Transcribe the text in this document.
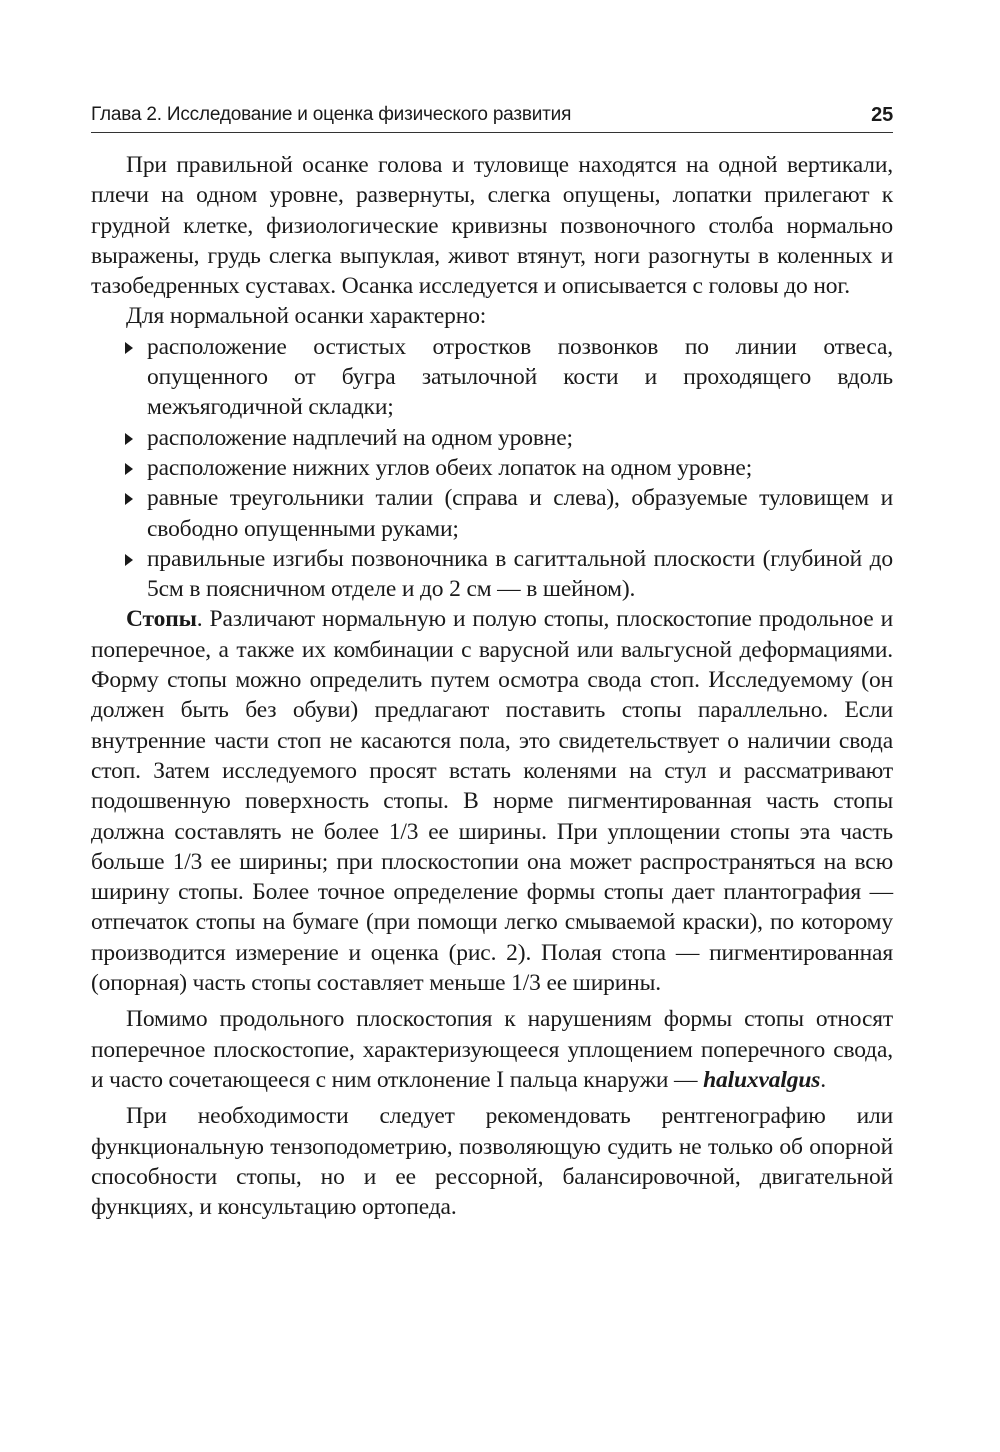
Глава 2. Исследование и оценка физического развития	25

При правильной осанке голова и туловище находятся на одной вертикали, плечи на одном уровне, развернуты, слегка опущены, лопатки прилегают к грудной клетке, физиологические кривизны позвоночного столба нормально выражены, грудь слегка выпуклая, живот втянут, ноги разогнуты в коленных и тазобедренных суставах. Осанка исследуется и описывается с головы до ног.

Для нормальной осанки характерно:

расположение остистых отростков позвонков по линии отвеса, опущенного от бугра затылочной кости и проходящего вдоль межъягодичной складки;
расположение надплечий на одном уровне;
расположение нижних углов обеих лопаток на одном уровне;
равные треугольники талии (справа и слева), образуемые туловищем и свободно опущенными руками;
правильные изгибы позвоночника в сагиттальной плоскости (глубиной до 5см в поясничном отделе и до 2 см — в шейном).

Стопы. Различают нормальную и полую стопы, плоскостопие продольное и поперечное, а также их комбинации с варусной или вальгусной деформациями. Форму стопы можно определить путем осмотра свода стоп. Исследуемому (он должен быть без обуви) предлагают поставить стопы параллельно. Если внутренние части стоп не касаются пола, это свидетельствует о наличии свода стоп. Затем исследуемого просят встать коленями на стул и рассматривают подошвенную поверхность стопы. В норме пигментированная часть стопы должна составлять не более 1/3 ее ширины. При уплощении стопы эта часть больше 1/3 ее ширины; при плоскостопии она может распространяться на всю ширину стопы. Более точное определение формы стопы дает плантография — отпечаток стопы на бумаге (при помощи легко смываемой краски), по которому производится измерение и оценка (рис. 2). Полая стопа — пигментированная (опорная) часть стопы составляет меньше 1/3 ее ширины.

Помимо продольного плоскостопия к нарушениям формы стопы относят поперечное плоскостопие, характеризующееся уплощением поперечного свода, и часто сочетающееся с ним отклонение I пальца кнаружи — haluxvalgus.

При необходимости следует рекомендовать рентгенографию или функциональную тензоподометрию, позволяющую судить не только об опорной способности стопы, но и ее рессорной, балансировочной, двигательной функциях, и консультацию ортопеда.
